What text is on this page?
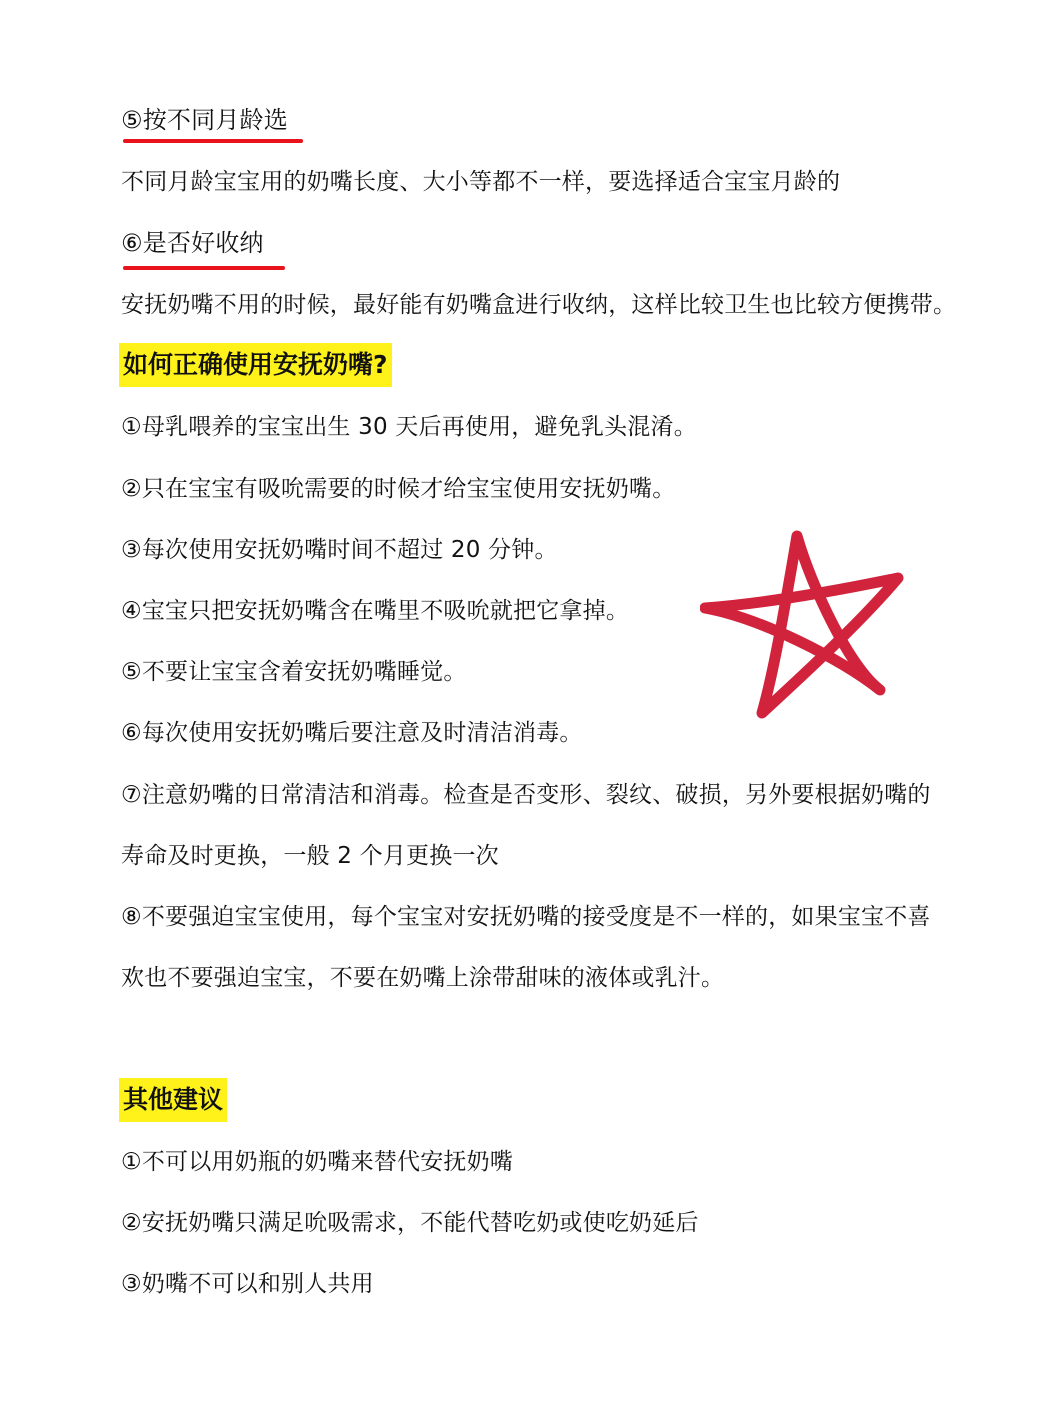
⑤按不同月龄选
不同月龄宝宝用的奶嘴长度、大小等都不一样，要选择适合宝宝月龄的
⑥是否好收纳
安抚奶嘴不用的时候，最好能有奶嘴盒进行收纳，这样比较卫生也比较方便携带。
如何正确使用安抚奶嘴?
①母乳喂养的宝宝出生 30 天后再使用，避免乳头混淆。
②只在宝宝有吸吮需要的时候才给宝宝使用安抚奶嘴。
③每次使用安抚奶嘴时间不超过 20 分钟。
④宝宝只把安抚奶嘴含在嘴里不吸吮就把它拿掉。
⑤不要让宝宝含着安抚奶嘴睡觉。
⑥每次使用安抚奶嘴后要注意及时清洁消毒。
⑦注意奶嘴的日常清洁和消毒。检查是否变形、裂纹、破损，另外要根据奶嘴的
寿命及时更换，一般 2 个月更换一次
⑧不要强迫宝宝使用，每个宝宝对安抚奶嘴的接受度是不一样的，如果宝宝不喜
欢也不要强迫宝宝，不要在奶嘴上涂带甜味的液体或乳汁。
其他建议
①不可以用奶瓶的奶嘴来替代安抚奶嘴
②安抚奶嘴只满足吮吸需求，不能代替吃奶或使吃奶延后
③奶嘴不可以和别人共用
